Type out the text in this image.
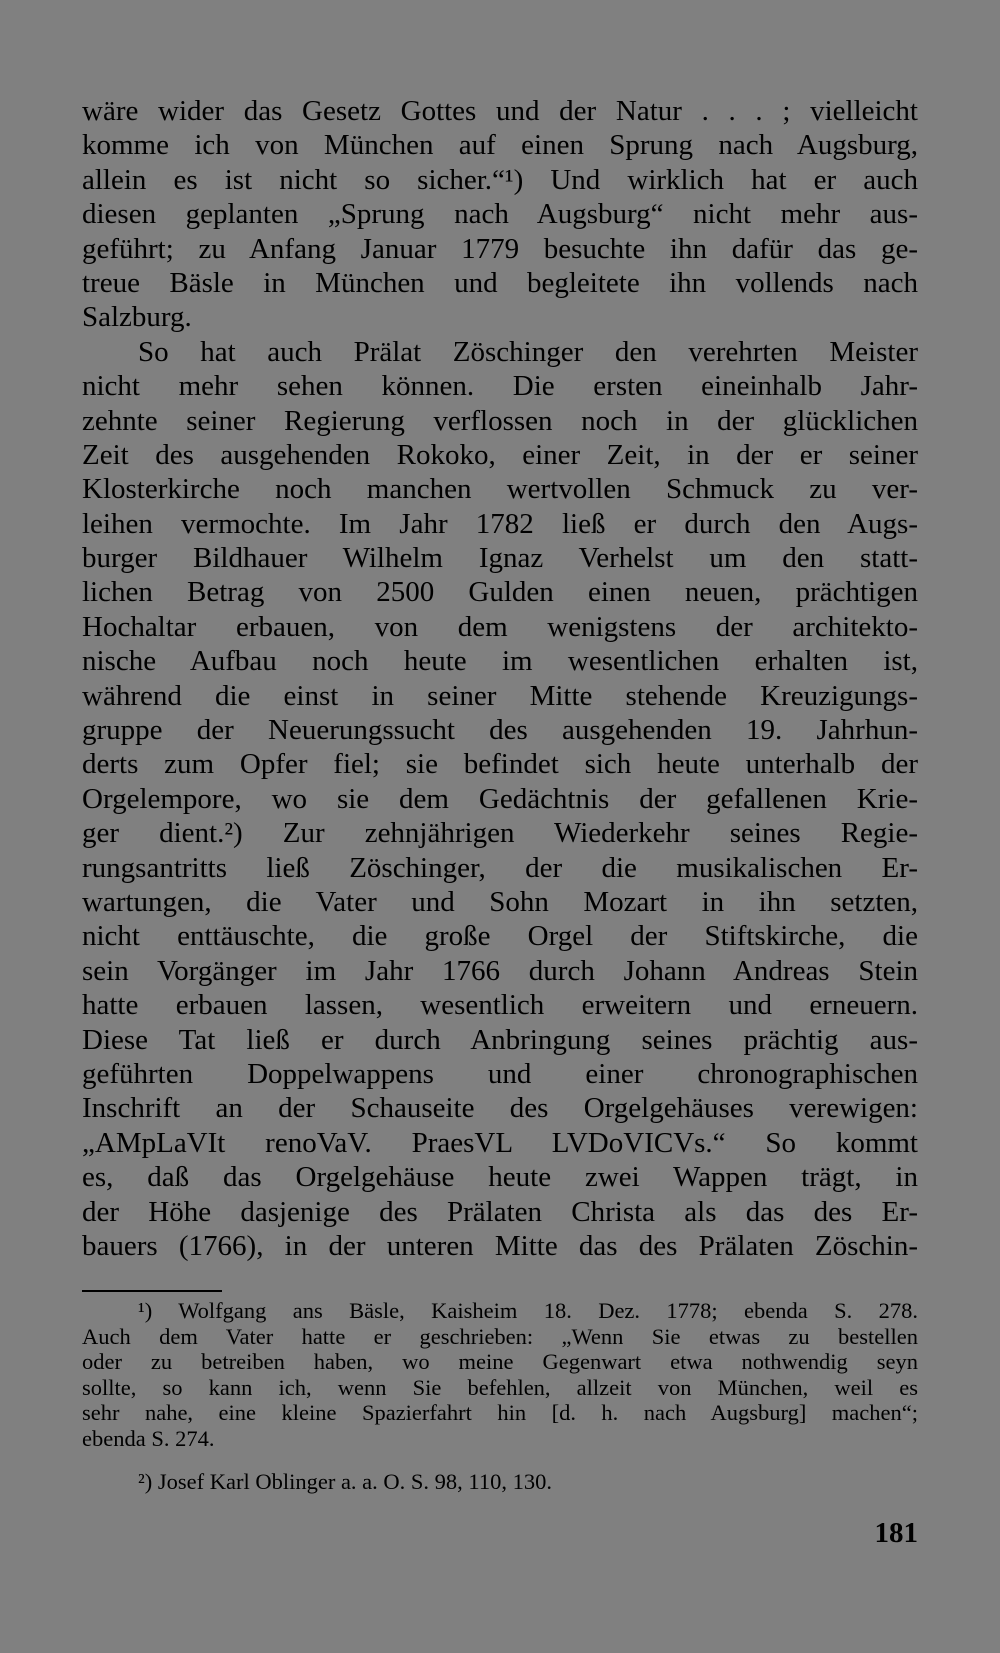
wäre wider das Gesetz Gottes und der Natur . . . ; vielleicht
komme ich von München auf einen Sprung nach Augsburg,
allein es ist nicht so sicher.“¹) Und wirklich hat er auch
diesen geplanten „Sprung nach Augsburg“ nicht mehr aus-
geführt; zu Anfang Januar 1779 besuchte ihn dafür das ge-
treue Bäsle in München und begleitete ihn vollends nach
Salzburg.
So hat auch Prälat Zöschinger den verehrten Meister
nicht mehr sehen können. Die ersten eineinhalb Jahr-
zehnte seiner Regierung verflossen noch in der glücklichen
Zeit des ausgehenden Rokoko, einer Zeit, in der er seiner
Klosterkirche noch manchen wertvollen Schmuck zu ver-
leihen vermochte. Im Jahr 1782 ließ er durch den Augs-
burger Bildhauer Wilhelm Ignaz Verhelst um den statt-
lichen Betrag von 2500 Gulden einen neuen, prächtigen
Hochaltar erbauen, von dem wenigstens der architekto-
nische Aufbau noch heute im wesentlichen erhalten ist,
während die einst in seiner Mitte stehende Kreuzigungs-
gruppe der Neuerungssucht des ausgehenden 19. Jahrhun-
derts zum Opfer fiel; sie befindet sich heute unterhalb der
Orgelempore, wo sie dem Gedächtnis der gefallenen Krie-
ger dient.²) Zur zehnjährigen Wiederkehr seines Regie-
rungsantritts ließ Zöschinger, der die musikalischen Er-
wartungen, die Vater und Sohn Mozart in ihn setzten,
nicht enttäuschte, die große Orgel der Stiftskirche, die
sein Vorgänger im Jahr 1766 durch Johann Andreas Stein
hatte erbauen lassen, wesentlich erweitern und erneuern.
Diese Tat ließ er durch Anbringung seines prächtig aus-
geführten Doppelwappens und einer chronographischen
Inschrift an der Schauseite des Orgelgehäuses verewigen:
„AMpLaVIt renoVaV. PraesVL LVDoVICVs.“ So kommt
es, daß das Orgelgehäuse heute zwei Wappen trägt, in
der Höhe dasjenige des Prälaten Christa als das des Er-
bauers (1766), in der unteren Mitte das des Prälaten Zöschin-
¹) Wolfgang ans Bäsle, Kaisheim 18. Dez. 1778; ebenda S. 278.
Auch dem Vater hatte er geschrieben: „Wenn Sie etwas zu bestellen
oder zu betreiben haben, wo meine Gegenwart etwa nothwendig seyn
sollte, so kann ich, wenn Sie befehlen, allzeit von München, weil es
sehr nahe, eine kleine Spazierfahrt hin [d. h. nach Augsburg] machen“;
ebenda S. 274.
²) Josef Karl Oblinger a. a. O. S. 98, 110, 130.
181
